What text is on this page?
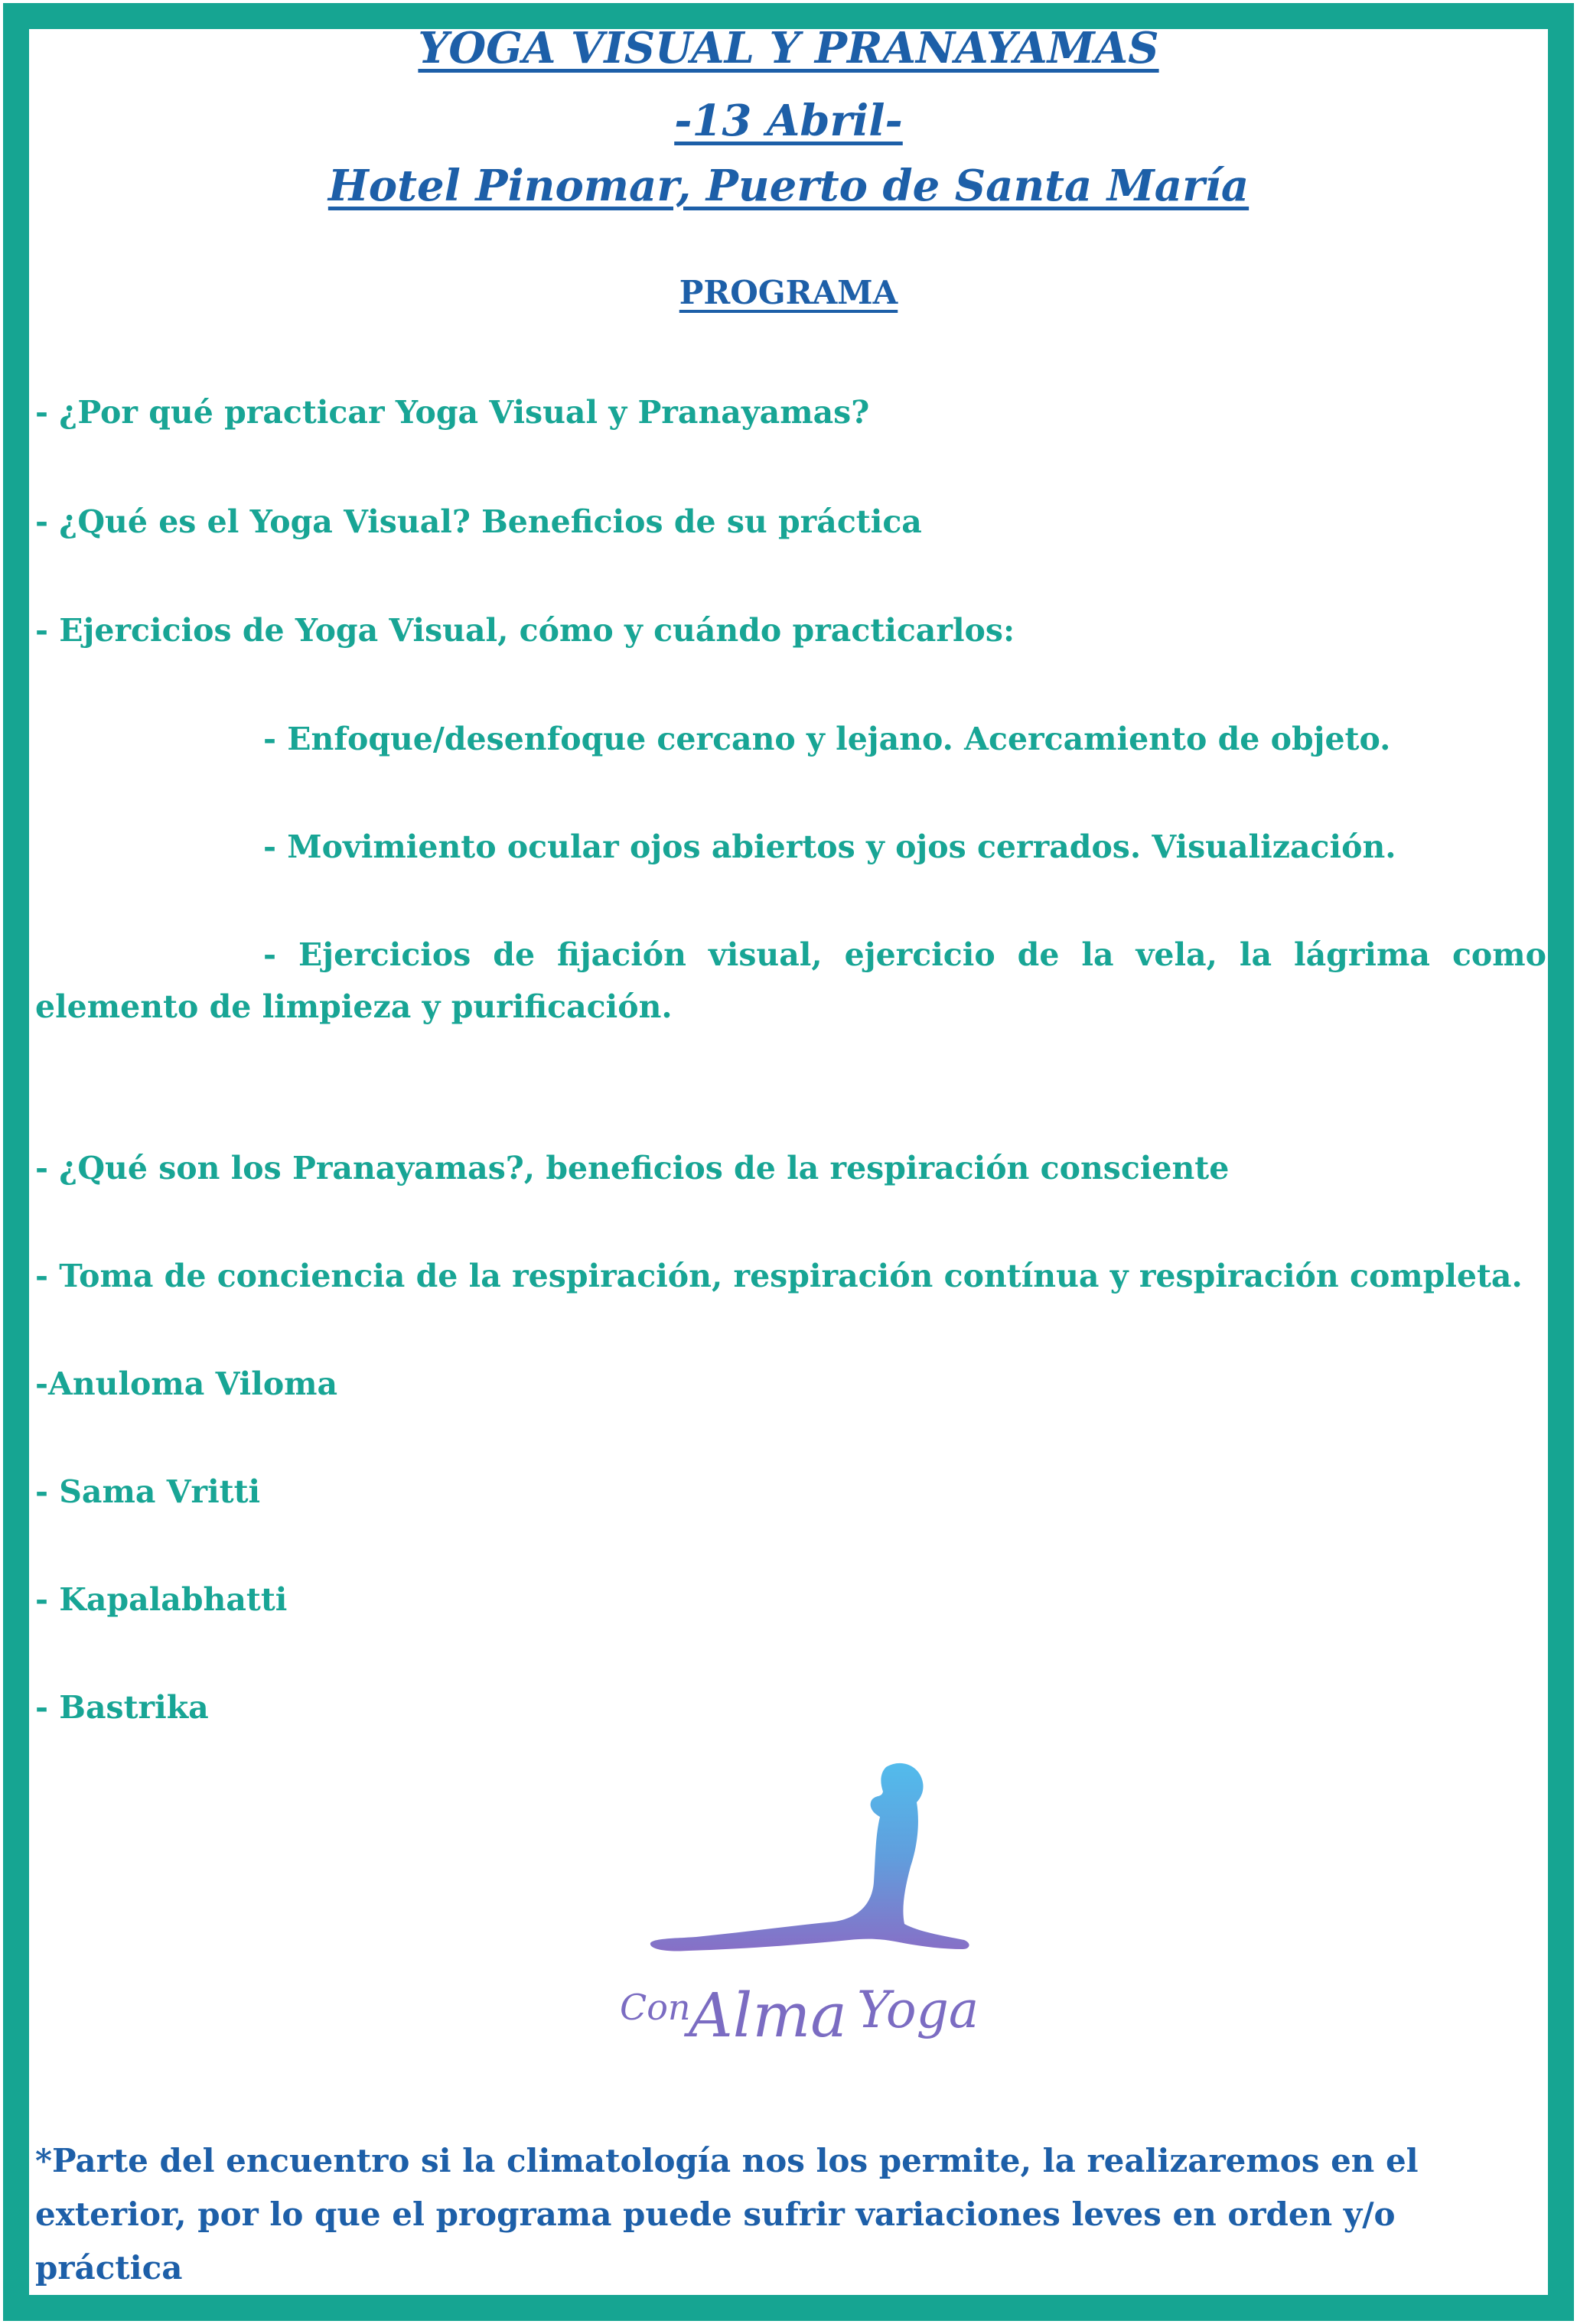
YOGA VISUAL Y PRANAYAMAS
-13 Abril-
Hotel Pinomar, Puerto de Santa María
PROGRAMA
- ¿Por qué practicar Yoga Visual y Pranayamas?
- ¿Qué es el Yoga Visual? Beneficios de su práctica
- Ejercicios de Yoga Visual, cómo y cuándo practicarlos:
- Enfoque/desenfoque cercano y lejano. Acercamiento de objeto.
- Movimiento ocular ojos abiertos y ojos cerrados. Visualización.
- Ejercicios de fijación visual, ejercicio de la vela, la lágrima como elemento de limpieza y purificación.
- ¿Qué son los Pranayamas?, beneficios de la respiración consciente
- Toma de conciencia de la respiración, respiración contínua y respiración completa.
-Anuloma Viloma
- Sama Vritti
- Kapalabhatti
- Bastrika
Con
Alma Yoga
*Parte del encuentro si la climatología nos los permite, la realizaremos en el exterior, por lo que el programa puede sufrir variaciones leves en orden y/o práctica
